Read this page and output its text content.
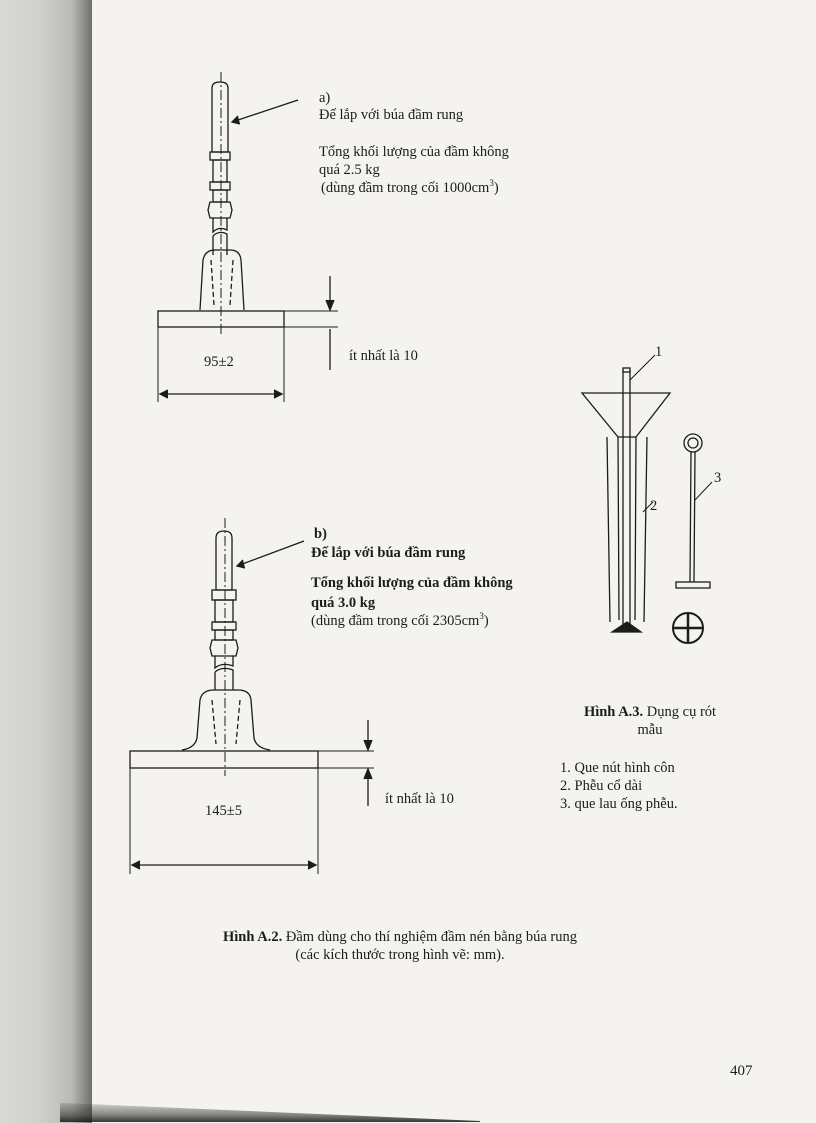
a)
Đế lắp với búa đầm rung
Tổng khối lượng của đầm không
quá 2.5 kg
(dùng đầm trong cối $1000cm^3$)
95±2	ít nhất là 10
b)
Đế lắp với búa đầm rung
Tổng khối lượng của đầm không
quá 3.0 kg
(dùng đầm trong cối $2305cm^3$)
145±5
ít nhất là 10
Hình A.2. Đầm dùng cho thí nghiệm đầm nén bằng búa rung
(các kích thước trong hình vẽ: mm).
1
2
3
Hình A.3. Dụng cụ rót
mẫu
1. Que nút hình côn
2. Phễu cổ dài
3. que lau ống phễu.
407
